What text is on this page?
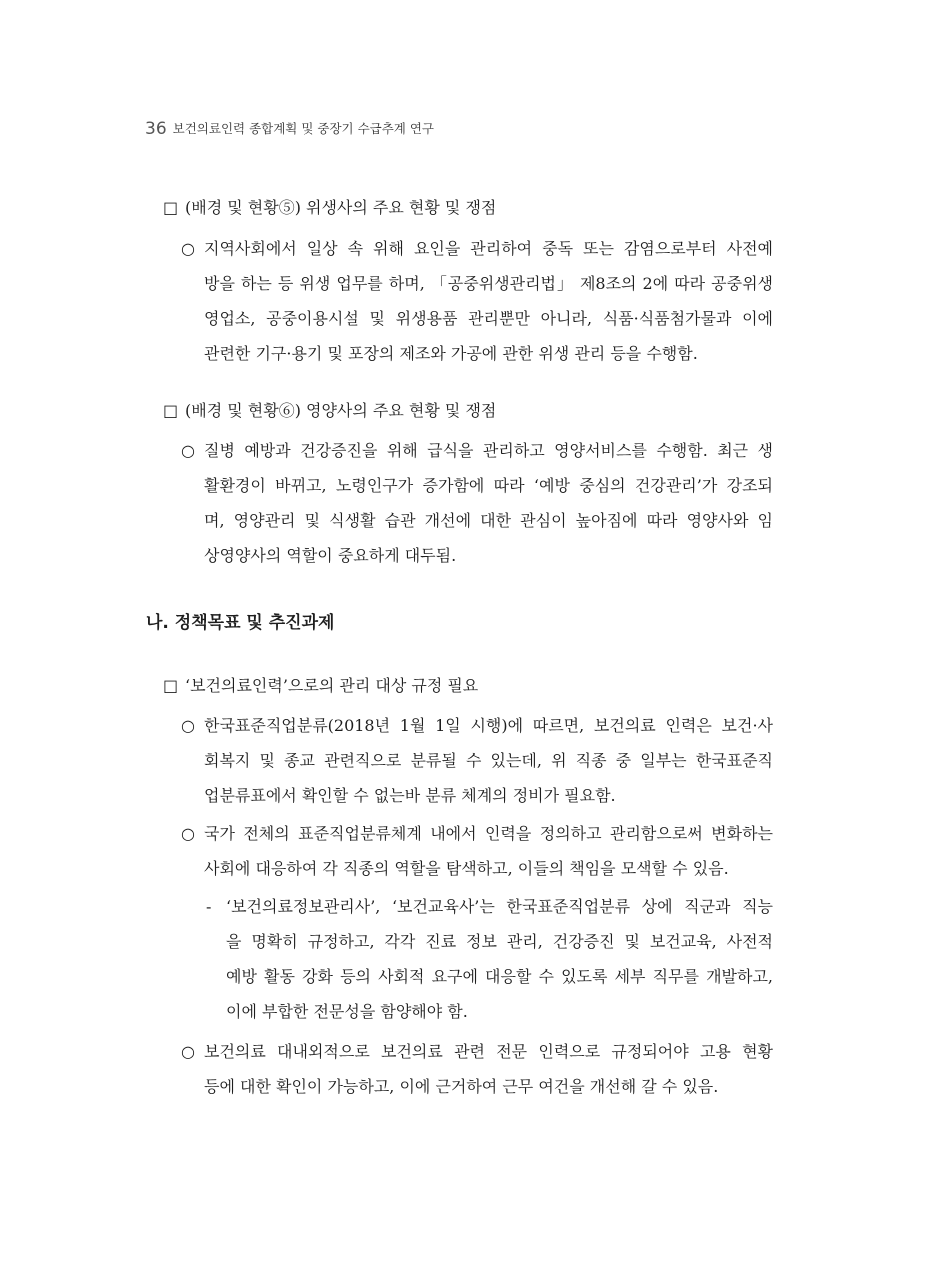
36 보건의료인력 종합계획 및 중장기 수급추계 연구
□ (배경 및 현황⑤) 위생사의 주요 현황 및 쟁점
○ 지역사회에서 일상 속 위해 요인을 관리하여 중독 또는 감염으로부터 사전예
방을 하는 등 위생 업무를 하며, 「공중위생관리법」 제8조의 2에 따라 공중위생
영업소, 공중이용시설 및 위생용품 관리뿐만 아니라, 식품·식품첨가물과 이에
관련한 기구·용기 및 포장의 제조와 가공에 관한 위생 관리 등을 수행함.
□ (배경 및 현황⑥) 영양사의 주요 현황 및 쟁점
○ 질병 예방과 건강증진을 위해 급식을 관리하고 영양서비스를 수행함. 최근 생
활환경이 바뀌고, 노령인구가 증가함에 따라 ‘예방 중심의 건강관리’가 강조되
며, 영양관리 및 식생활 습관 개선에 대한 관심이 높아짐에 따라 영양사와 임
상영양사의 역할이 중요하게 대두됨.
나. 정책목표 및 추진과제
□ ‘보건의료인력’으로의 관리 대상 규정 필요
○ 한국표준직업분류(2018년 1월 1일 시행)에 따르면, 보건의료 인력은 보건·사
회복지 및 종교 관련직으로 분류될 수 있는데, 위 직종 중 일부는 한국표준직
업분류표에서 확인할 수 없는바 분류 체계의 정비가 필요함.
○ 국가 전체의 표준직업분류체계 내에서 인력을 정의하고 관리함으로써 변화하는
사회에 대응하여 각 직종의 역할을 탐색하고, 이들의 책임을 모색할 수 있음.
- ‘보건의료정보관리사’, ‘보건교육사’는 한국표준직업분류 상에 직군과 직능
을 명확히 규정하고, 각각 진료 정보 관리, 건강증진 및 보건교육, 사전적
예방 활동 강화 등의 사회적 요구에 대응할 수 있도록 세부 직무를 개발하고,
이에 부합한 전문성을 함양해야 함.
○ 보건의료 대내외적으로 보건의료 관련 전문 인력으로 규정되어야 고용 현황
등에 대한 확인이 가능하고, 이에 근거하여 근무 여건을 개선해 갈 수 있음.
